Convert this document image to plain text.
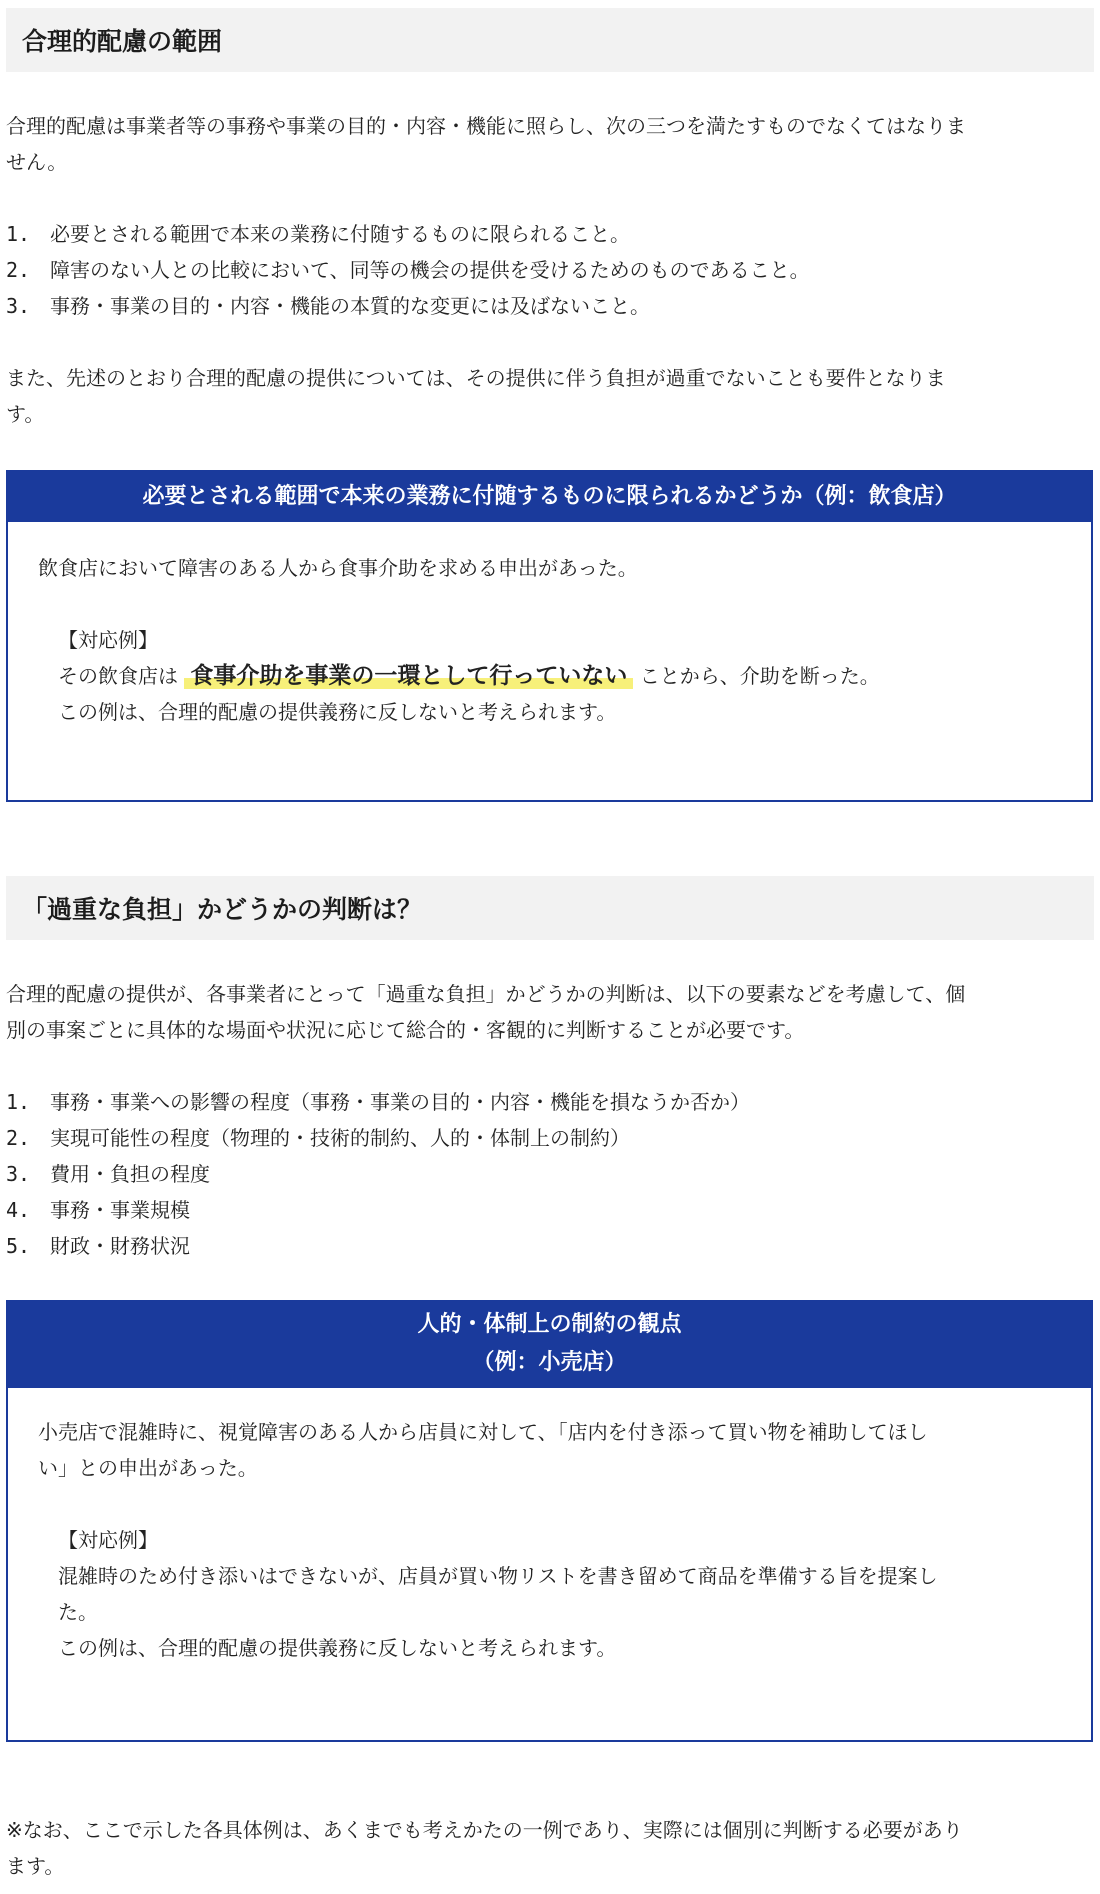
合理的配慮の範囲
合理的配慮は事業者等の事務や事業の目的・内容・機能に照らし、次の三つを満たすものでなくてはなりま
せん。
1. 必要とされる範囲で本来の業務に付随するものに限られること。
2. 障害のない人との比較において、同等の機会の提供を受けるためのものであること。
3. 事務・事業の目的・内容・機能の本質的な変更には及ばないこと。
また、先述のとおり合理的配慮の提供については、その提供に伴う負担が過重でないことも要件となりま
す。
必要とされる範囲で本来の業務に付随するものに限られるかどうか（例：飲食店）

飲食店において障害のある人から食事介助を求める申出があった。

【対応例】

その飲食店は 食事介助を事業の一環として行っていない ことから、介助を断った。

この例は、合理的配慮の提供義務に反しないと考えられます。

「過重な負担」かどうかの判断は？
合理的配慮の提供が、各事業者にとって「過重な負担」かどうかの判断は、以下の要素などを考慮して、個
別の事案ごとに具体的な場面や状況に応じて総合的・客観的に判断することが必要です。
1. 事務・事業への影響の程度（事務・事業の目的・内容・機能を損なうか否か）
2. 実現可能性の程度（物理的・技術的制約、人的・体制上の制約）
3. 費用・負担の程度
4. 事務・事業規模
5. 財政・財務状況
人的・体制上の制約の観点
（例：小売店）

小売店で混雑時に、視覚障害のある人から店員に対して、「店内を付き添って買い物を補助してほし

い」との申出があった。

【対応例】

混雑時のため付き添いはできないが、店員が買い物リストを書き留めて商品を準備する旨を提案し

た。

この例は、合理的配慮の提供義務に反しないと考えられます。

※なお、ここで示した各具体例は、あくまでも考えかたの一例であり、実際には個別に判断する必要があり
ます。
